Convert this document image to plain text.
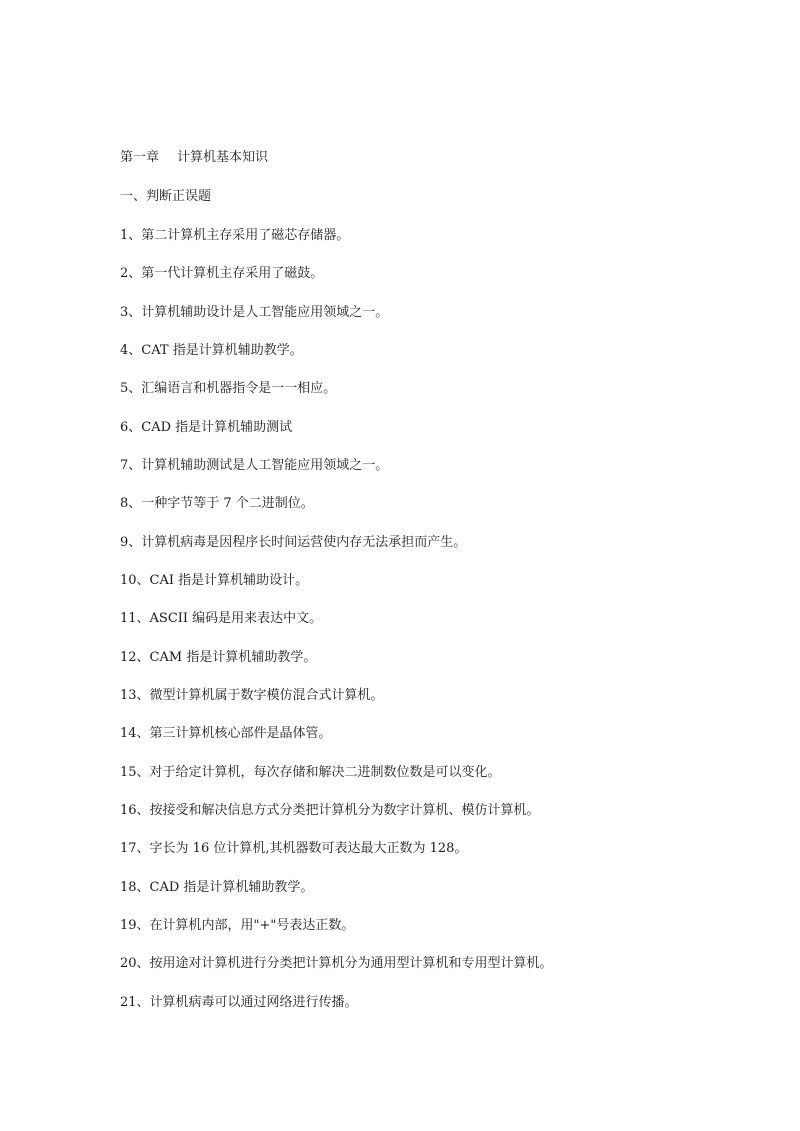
第一章 计算机基本知识
一、判断正误题
1、第二计算机主存采用了磁芯存储器。
2、第一代计算机主存采用了磁鼓。
3、计算机辅助设计是人工智能应用领域之一。
4、CAT 指是计算机辅助教学。
5、汇编语言和机器指令是一一相应。
6、CAD 指是计算机辅助测试
7、计算机辅助测试是人工智能应用领域之一。
8、一种字节等于 7 个二进制位。
9、计算机病毒是因程序长时间运营使内存无法承担而产生。
10、CAI 指是计算机辅助设计。
11、ASCII 编码是用来表达中文。
12、CAM 指是计算机辅助教学。
13、微型计算机属于数字模仿混合式计算机。
14、第三计算机核心部件是晶体管。
15、对于给定计算机，每次存储和解决二进制数位数是可以变化。
16、按接受和解决信息方式分类把计算机分为数字计算机、模仿计算机。
17、字长为 16 位计算机,其机器数可表达最大正数为 128。
18、CAD 指是计算机辅助教学。
19、在计算机内部，用"+"号表达正数。
20、按用途对计算机进行分类把计算机分为通用型计算机和专用型计算机。
21、计算机病毒可以通过网络进行传播。
